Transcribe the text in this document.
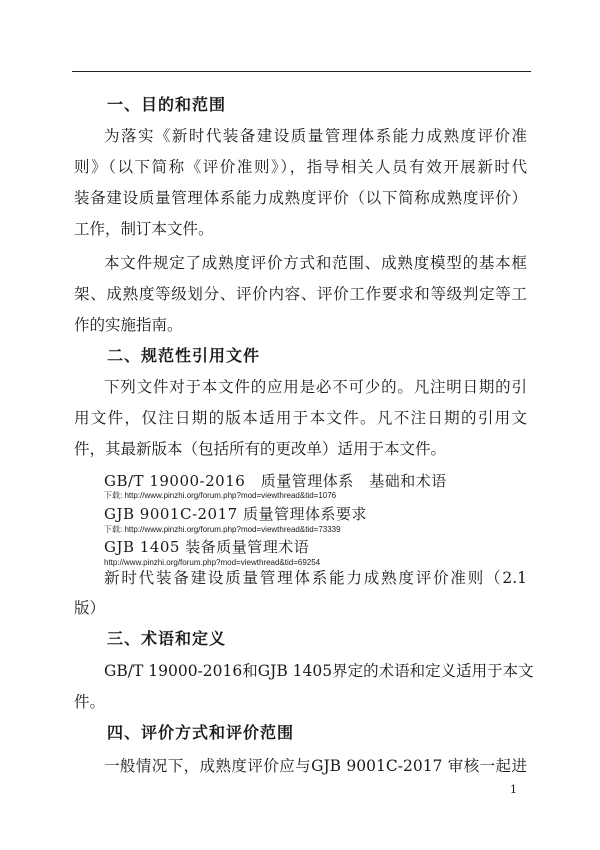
一、目的和范围

为落实《新时代装备建设质量管理体系能力成熟度评价准

则》（以下简称《评价准则》），指导相关人员有效开展新时代

装备建设质量管理体系能力成熟度评价（以下简称成熟度评价）

工作，制订本文件。

本文件规定了成熟度评价方式和范围、成熟度模型的基本框

架、成熟度等级划分、评价内容、评价工作要求和等级判定等工

作的实施指南。

二、规范性引用文件

下列文件对于本文件的应用是必不可少的。凡注明日期的引

用文件，仅注日期的版本适用于本文件。凡不注日期的引用文

件，其最新版本（包括所有的更改单）适用于本文件。

GB/T 19000-2016　质量管理体系　基础和术语

下载: http://www.pinzhi.org/forum.php?mod=viewthread&tid=1076

GJB 9001C-2017 质量管理体系要求

下载: http://www.pinzhi.org/forum.php?mod=viewthread&tid=73339

GJB 1405 装备质量管理术语

http://www.pinzhi.org/forum.php?mod=viewthread&tid=69254

新时代装备建设质量管理体系能力成熟度评价准则（2.1

版）

三、术语和定义

GB/T 19000-2016和GJB 1405界定的术语和定义适用于本文

件。

四、评价方式和评价范围

一般情况下，成熟度评价应与GJB 9001C-2017 审核一起进

1
